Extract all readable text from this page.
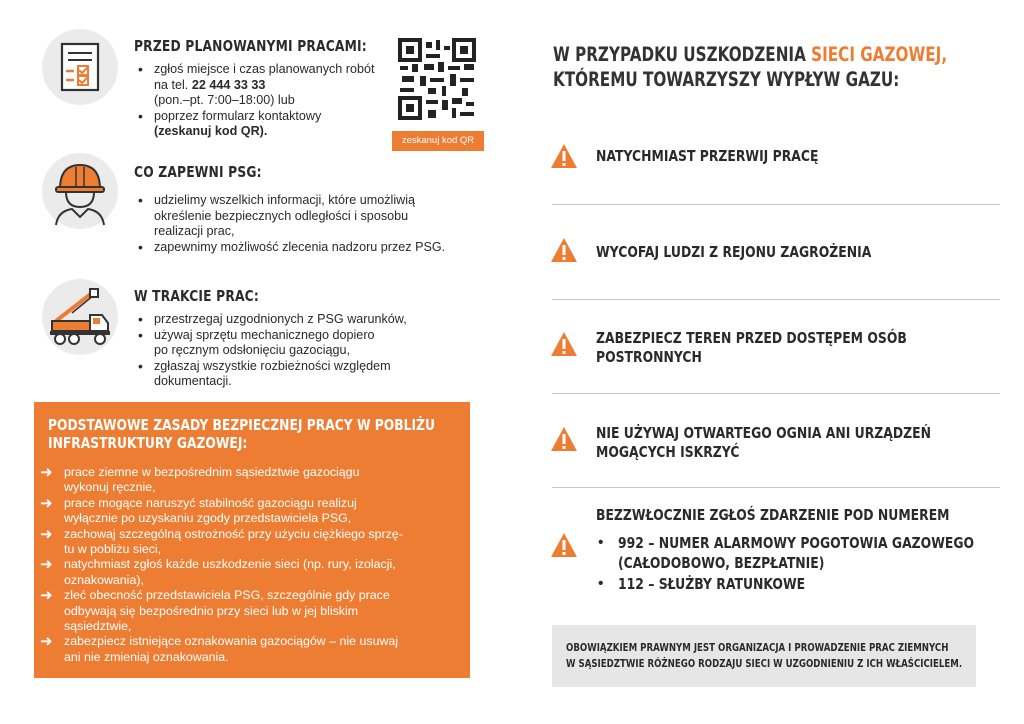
PRZED PLANOWANYMI PRACAMI:
• zgłoś miejsce i czas planowanych robót
na tel. 22 444 33 33
(pon.–pt. 7:00–18:00) lub
• poprzez formularz kontaktowy
(zeskanuj kod QR).
zeskanuj kod QR
CO ZAPEWNI PSG:
• udzielimy wszelkich informacji, które umożliwią
określenie bezpiecznych odległości i sposobu
realizacji prac,
• zapewnimy możliwość zlecenia nadzoru przez PSG.
W TRAKCIE PRAC:
• przestrzegaj uzgodnionych z PSG warunków,
• używaj sprzętu mechanicznego dopiero
po ręcznym odsłonięciu gazociągu,
• zgłaszaj wszystkie rozbieżności względem
dokumentacji.
PODSTAWOWE ZASADY BEZPIECZNEJ PRACY W POBLIŻU
INFRASTRUKTURY GAZOWEJ:
➜ prace ziemne w bezpośrednim sąsiedztwie gazociągu
wykonuj ręcznie,
➜ prace mogące naruszyć stabilność gazociągu realizuj
wyłącznie po uzyskaniu zgody przedstawiciela PSG,
➜ zachowaj szczególną ostrożność przy użyciu ciężkiego sprzę-
tu w pobliżu sieci,
➜ natychmiast zgłoś każde uszkodzenie sieci (np. rury, izolacji,
oznakowania),
➜ zleć obecność przedstawiciela PSG, szczególnie gdy prace
odbywają się bezpośrednio przy sieci lub w jej bliskim
sąsiedztwie,
➜ zabezpiecz istniejące oznakowania gazociągów – nie usuwaj
ani nie zmieniaj oznakowania.
W PRZYPADKU USZKODZENIA SIECI GAZOWEJ,
KTÓREMU TOWARZYSZY WYPŁYW GAZU:
NATYCHMIAST PRZERWIJ PRACĘ
WYCOFAJ LUDZI Z REJONU ZAGROŻENIA
ZABEZPIECZ TEREN PRZED DOSTĘPEM OSÓB
POSTRONNYCH
NIE UŻYWAJ OTWARTEGO OGNIA ANI URZĄDZEŃ
MOGĄCYCH ISKRZYĆ
BEZZWŁOCZNIE ZGŁOŚ ZDARZENIE POD NUMEREM
• 992 – NUMER ALARMOWY POGOTOWIA GAZOWEGO
(CAŁODOBOWO, BEZPŁATNIE)
• 112 – SŁUŻBY RATUNKOWE
OBOWIĄZKIEM PRAWNYM JEST ORGANIZACJA I PROWADZENIE PRAC ZIEMNYCH
W SĄSIEDZTWIE RÓŻNEGO RODZAJU SIECI W UZGODNIENIU Z ICH WŁAŚCICIELEM.
